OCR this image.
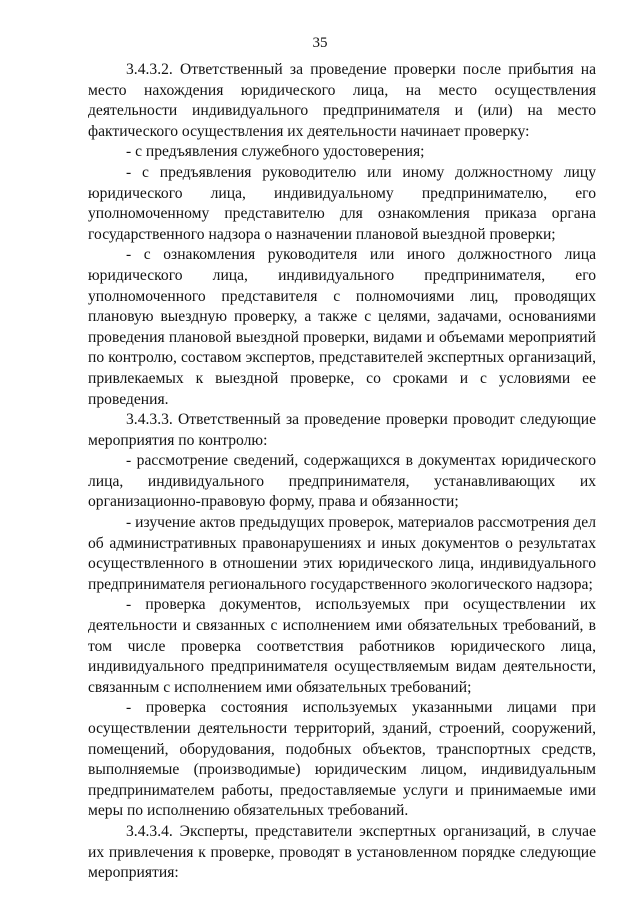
35

3.4.3.2. Ответственный за проведение проверки после прибытия на место нахождения юридического лица, на место осуществления деятельности индивидуального предпринимателя и (или) на место фактического осуществления их деятельности начинает проверку:

- с предъявления служебного удостоверения;

- с предъявления руководителю или иному должностному лицу юридического лица, индивидуальному предпринимателю, его уполномоченному представителю для ознакомления приказа органа государственного надзора о назначении плановой выездной проверки;

- с ознакомления руководителя или иного должностного лица юридического лица, индивидуального предпринимателя, его уполномоченного представителя с полномочиями лиц, проводящих плановую выездную проверку, а также с целями, задачами, основаниями проведения плановой выездной проверки, видами и объемами мероприятий по контролю, составом экспертов, представителей экспертных организаций, привлекаемых к выездной проверке, со сроками и с условиями ее проведения.

3.4.3.3. Ответственный за проведение проверки проводит следующие мероприятия по контролю:

- рассмотрение сведений, содержащихся в документах юридического лица, индивидуального предпринимателя, устанавливающих их организационно-правовую форму, права и обязанности;

- изучение актов предыдущих проверок, материалов рассмотрения дел об административных правонарушениях и иных документов о результатах осуществленного в отношении этих юридического лица, индивидуального предпринимателя регионального государственного экологического надзора;

- проверка документов, используемых при осуществлении их деятельности и связанных с исполнением ими обязательных требований, в том числе проверка соответствия работников юридического лица, индивидуального предпринимателя осуществляемым видам деятельности, связанным с исполнением ими обязательных требований;

- проверка состояния используемых указанными лицами при осуществлении деятельности территорий, зданий, строений, сооружений, помещений, оборудования, подобных объектов, транспортных средств, выполняемые (производимые) юридическим лицом, индивидуальным предпринимателем работы, предоставляемые услуги и принимаемые ими меры по исполнению обязательных требований.

3.4.3.4. Эксперты, представители экспертных организаций, в случае их привлечения к проверке, проводят в установленном порядке следующие мероприятия:
